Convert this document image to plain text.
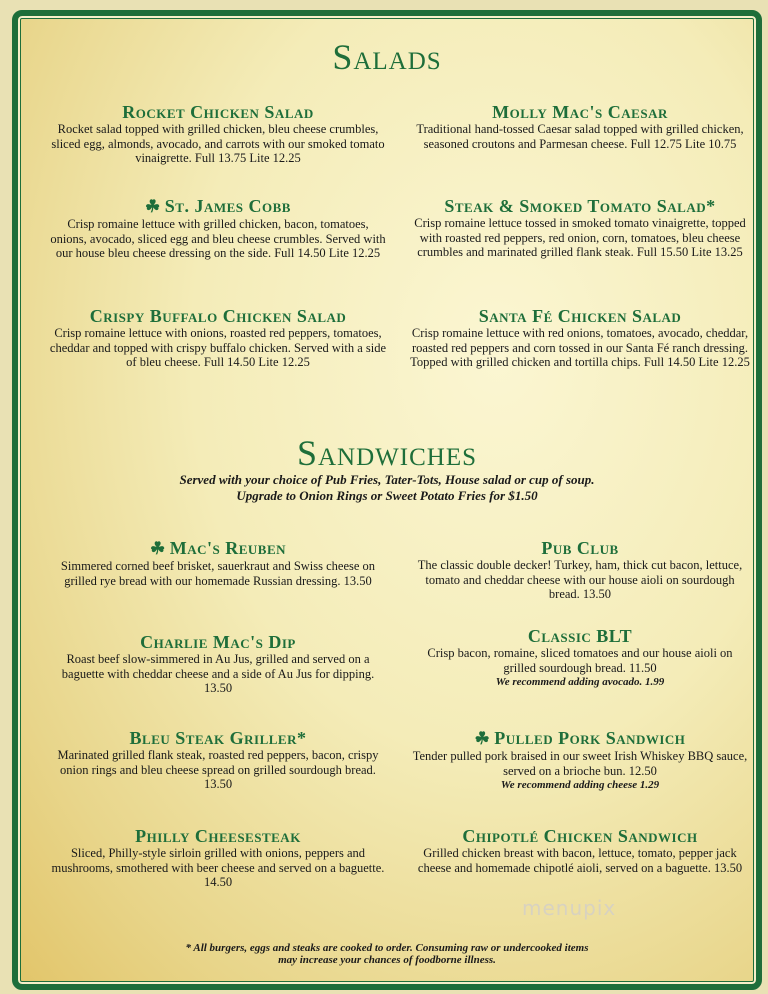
Salads
Rocket Chicken Salad
Rocket salad topped with grilled chicken, bleu cheese crumbles, sliced egg, almonds, avocado, and carrots with our smoked tomato vinaigrette. Full 13.75 Lite 12.25
Molly Mac's Caesar
Traditional hand-tossed Caesar salad topped with grilled chicken, seasoned croutons and Parmesan cheese. Full 12.75 Lite 10.75
☘ St. James Cobb
Crisp romaine lettuce with grilled chicken, bacon, tomatoes, onions, avocado, sliced egg and bleu cheese crumbles. Served with our house bleu cheese dressing on the side. Full 14.50 Lite 12.25
Steak & Smoked Tomato Salad*
Crisp romaine lettuce tossed in smoked tomato vinaigrette, topped with roasted red peppers, red onion, corn, tomatoes, bleu cheese crumbles and marinated grilled flank steak. Full 15.50 Lite 13.25
Crispy Buffalo Chicken Salad
Crisp romaine lettuce with onions, roasted red peppers, tomatoes, cheddar and topped with crispy buffalo chicken. Served with a side of bleu cheese. Full 14.50 Lite 12.25
Santa Fé Chicken Salad
Crisp romaine lettuce with red onions, tomatoes, avocado, cheddar, roasted red peppers and corn tossed in our Santa Fé ranch dressing. Topped with grilled chicken and tortilla chips. Full 14.50 Lite 12.25
Sandwiches
Served with your choice of Pub Fries, Tater-Tots, House salad or cup of soup.
Upgrade to Onion Rings or Sweet Potato Fries for $1.50
☘ Mac's Reuben
Simmered corned beef brisket, sauerkraut and Swiss cheese on grilled rye bread with our homemade Russian dressing. 13.50
Pub Club
The classic double decker! Turkey, ham, thick cut bacon, lettuce, tomato and cheddar cheese with our house aioli on sourdough bread. 13.50
Charlie Mac's Dip
Roast beef slow-simmered in Au Jus, grilled and served on a baguette with cheddar cheese and a side of Au Jus for dipping. 13.50
Classic BLT
Crisp bacon, romaine, sliced tomatoes and our house aioli on grilled sourdough bread. 11.50
We recommend adding avocado. 1.99
Bleu Steak Griller*
Marinated grilled flank steak, roasted red peppers, bacon, crispy onion rings and bleu cheese spread on grilled sourdough bread. 13.50
☘ Pulled Pork Sandwich
Tender pulled pork braised in our sweet Irish Whiskey BBQ sauce, served on a brioche bun. 12.50
We recommend adding cheese 1.29
Philly Cheesesteak
Sliced, Philly-style sirloin grilled with onions, peppers and mushrooms, smothered with beer cheese and served on a baguette. 14.50
Chipotlé Chicken Sandwich
Grilled chicken breast with bacon, lettuce, tomato, pepper jack cheese and homemade chipotlé aioli, served on a baguette. 13.50
* All burgers, eggs and steaks are cooked to order. Consuming raw or undercooked items
may increase your chances of foodborne illness.
menupix
